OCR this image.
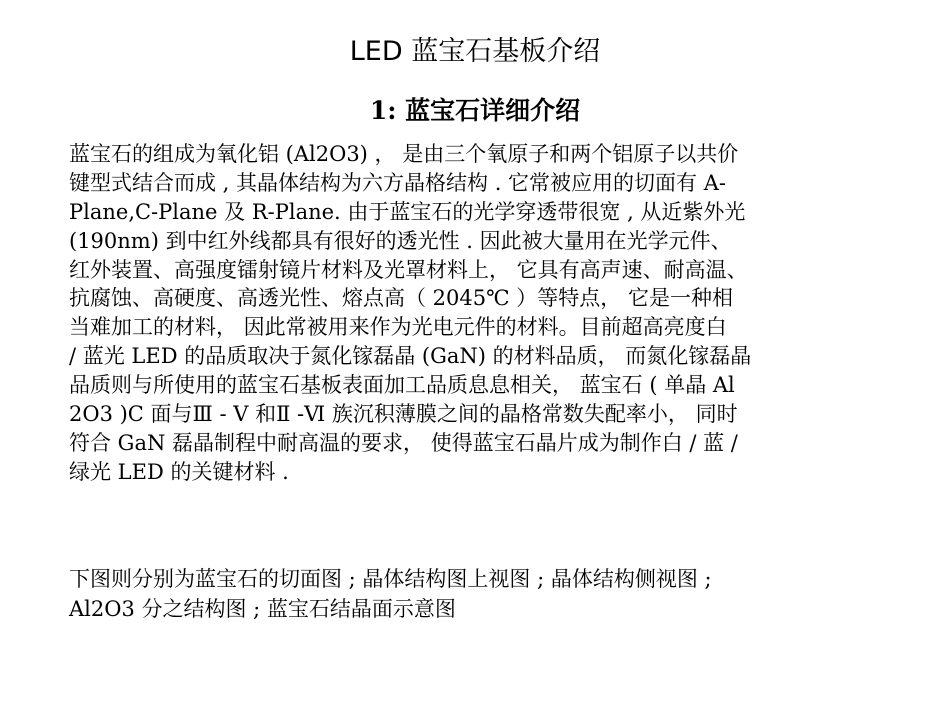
LED 蓝宝石基板介绍
1: 蓝宝石详细介绍
蓝宝石的组成为氧化铝 (Al2O3) ， 是由三个氧原子和两个铝原子以共价
键型式结合而成 , 其晶体结构为六方晶格结构 . 它常被应用的切面有 A-
Plane,C-Plane 及 R-Plane. 由于蓝宝石的光学穿透带很宽 , 从近紫外光
(190nm) 到中红外线都具有很好的透光性 . 因此被大量用在光学元件、
红外装置、高强度镭射镜片材料及光罩材料上， 它具有高声速、耐高温、
抗腐蚀、高硬度、高透光性、熔点高（ 2045℃ ）等特点， 它是一种相
当难加工的材料， 因此常被用来作为光电元件的材料。目前超高亮度白
/ 蓝光 LED 的品质取决于氮化镓磊晶 (GaN) 的材料品质， 而氮化镓磊晶
品质则与所使用的蓝宝石基板表面加工品质息息相关， 蓝宝石 ( 单晶 Al
2O3 )C 面与Ⅲ - Ⅴ 和Ⅱ -Ⅵ 族沉积薄膜之间的晶格常数失配率小， 同时
符合 GaN 磊晶制程中耐高温的要求， 使得蓝宝石晶片成为制作白 / 蓝 /
绿光 LED 的关键材料 .
下图则分别为蓝宝石的切面图 ; 晶体结构图上视图 ; 晶体结构侧视图 ;
Al2O3 分之结构图 ; 蓝宝石结晶面示意图
